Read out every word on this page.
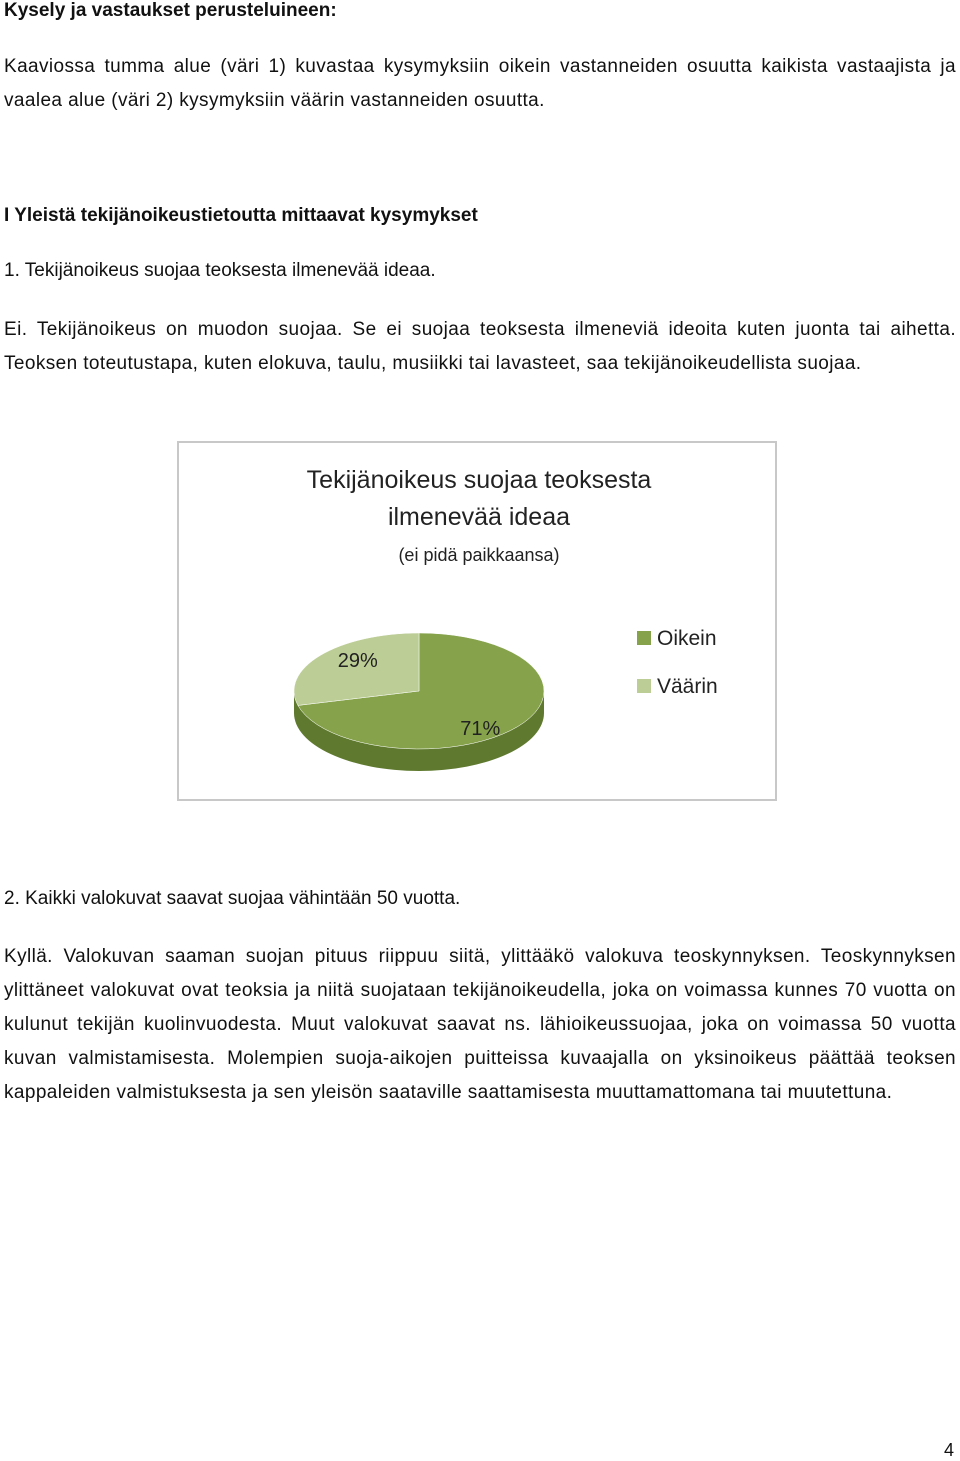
Kysely ja vastaukset perusteluineen:

Kaaviossa tumma alue (väri 1) kuvastaa kysymyksiin oikein vastanneiden osuutta kaikista vastaajista ja vaalea alue (väri 2) kysymyksiin väärin vastanneiden osuutta.

I Yleistä tekijänoikeustietoutta mittaavat kysymykset
1. Tekijänoikeus suojaa teoksesta ilmenevää ideaa.

Ei. Tekijänoikeus on muodon suojaa. Se ei suojaa teoksesta ilmeneviä ideoita kuten juonta tai aihetta. Teoksen toteutustapa, kuten elokuva, taulu, musiikki tai lavasteet, saa tekijänoikeudellista suojaa.

Tekijänoikeus suojaa teoksesta
ilmenevää ideaa
(ei pidä paikkaansa)
71%
29%
Oikein
Väärin
2. Kaikki valokuvat saavat suojaa vähintään 50 vuotta.

Kyllä. Valokuvan saaman suojan pituus riippuu siitä, ylittääkö valokuva teoskynnyksen. Teoskynnyksen ylittäneet valokuvat ovat teoksia ja niitä suojataan tekijänoikeudella, joka on voimassa kunnes 70 vuotta on kulunut tekijän kuolinvuodesta. Muut valokuvat saavat ns. lähioikeussuojaa, joka on voimassa 50 vuotta kuvan valmistamisesta. Molempien suoja-aikojen puitteissa kuvaajalla on yksinoikeus päättää teoksen kappaleiden valmistuksesta ja sen yleisön saataville saattamisesta muuttamattomana tai muutettuna.

4
